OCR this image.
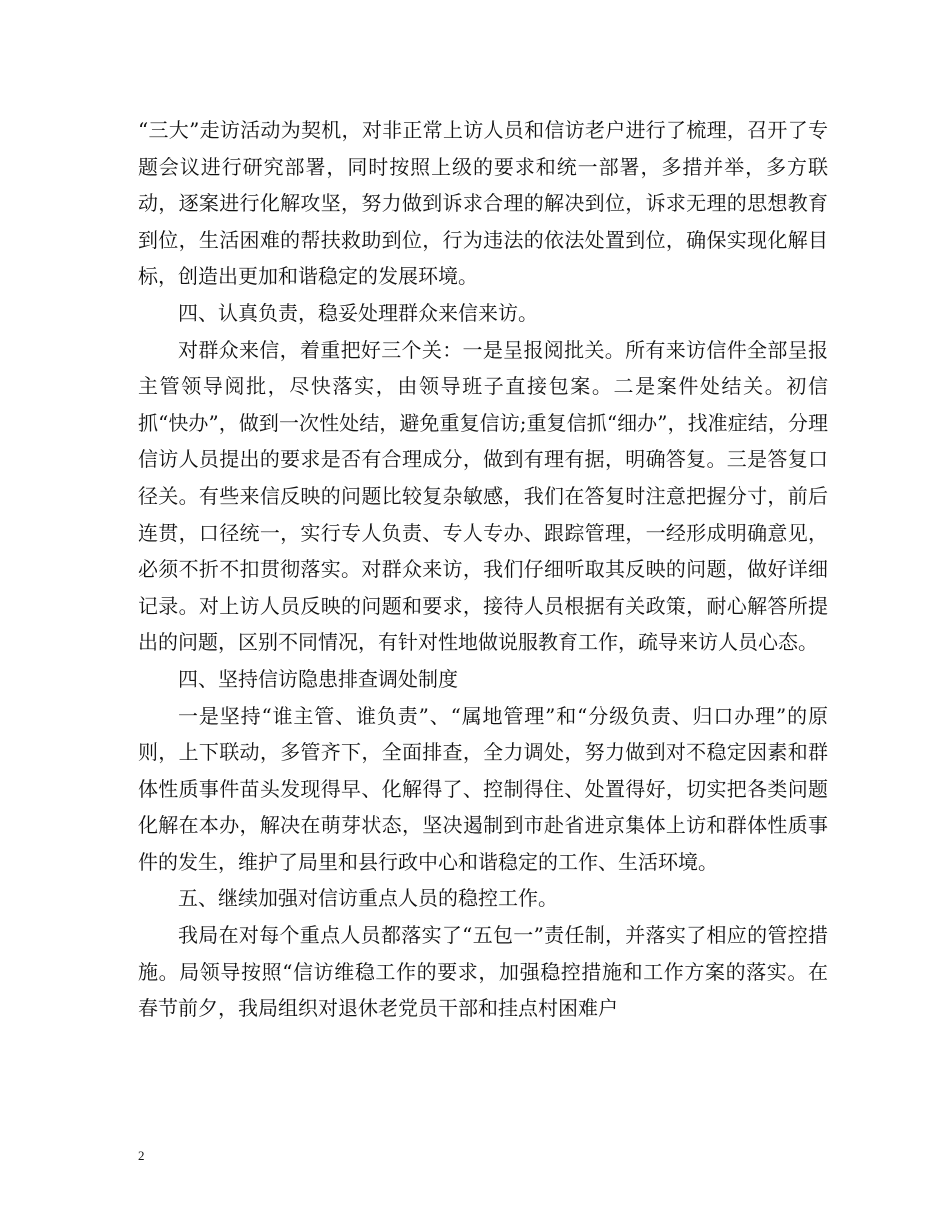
“三大”走访活动为契机，对非正常上访人员和信访老户进行了梳理，召开了专题会议进行研究部署，同时按照上级的要求和统一部署，多措并举，多方联动，逐案进行化解攻坚，努力做到诉求合理的解决到位，诉求无理的思想教育到位，生活困难的帮扶救助到位，行为违法的依法处置到位，确保实现化解目标，创造出更加和谐稳定的发展环境。

四、认真负责，稳妥处理群众来信来访。

对群众来信，着重把好三个关：一是呈报阅批关。所有来访信件全部呈报主管领导阅批，尽快落实，由领导班子直接包案。二是案件处结关。初信抓“快办”，做到一次性处结，避免重复信访;重复信抓“细办”，找准症结，分理信访人员提出的要求是否有合理成分，做到有理有据，明确答复。三是答复口径关。有些来信反映的问题比较复杂敏感，我们在答复时注意把握分寸，前后连贯，口径统一，实行专人负责、专人专办、跟踪管理，一经形成明确意见，必须不折不扣贯彻落实。对群众来访，我们仔细听取其反映的问题，做好详细记录。对上访人员反映的问题和要求，接待人员根据有关政策，耐心解答所提出的问题，区别不同情况，有针对性地做说服教育工作，疏导来访人员心态。

四、坚持信访隐患排查调处制度

一是坚持“谁主管、谁负责”、“属地管理”和“分级负责、归口办理”的原则，上下联动，多管齐下，全面排查，全力调处，努力做到对不稳定因素和群体性质事件苗头发现得早、化解得了、控制得住、处置得好，切实把各类问题化解在本办，解决在萌芽状态，坚决遏制到市赴省进京集体上访和群体性质事件的发生，维护了局里和县行政中心和谐稳定的工作、生活环境。

五、继续加强对信访重点人员的稳控工作。

我局在对每个重点人员都落实了“五包一”责任制，并落实了相应的管控措施。局领导按照“信访维稳工作的要求，加强稳控措施和工作方案的落实。在春节前夕，我局组织对退休老党员干部和挂点村困难户

2
